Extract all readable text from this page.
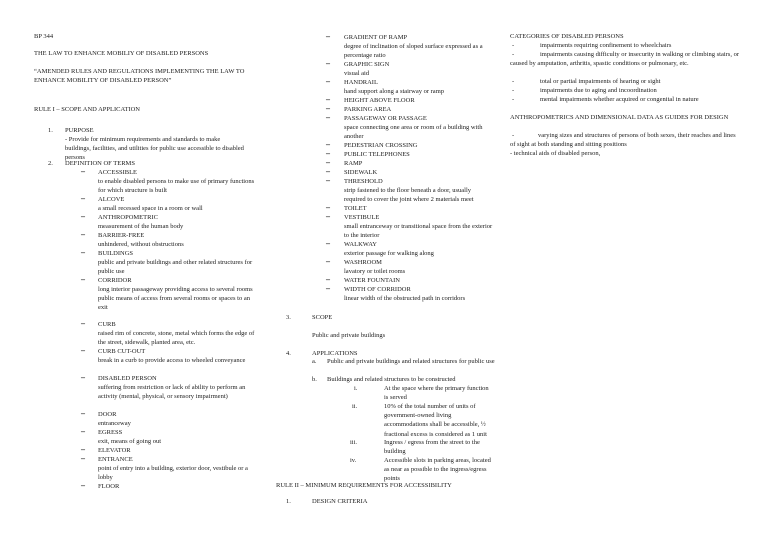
BP 344
THE LAW TO ENHANCE MOBILIY OF DISABLED PERSONS
“AMENDED RULES AND REGULATIONS IMPLEMENTING THE LAW TO ENHANCE MOBILITY OF DISABLED PERSON”
RULE I – SCOPE AND APPLICATION
1. PURPOSE
- Provide for minimum requirements and standards to make buildings, facilities, and utilities for public use accessible to disabled persons
2. DEFINITION OF TERMS
– ACCESSIBLE
to enable disabled persons to make use of primary functions for which structure is built
– ALCOVE
a small recessed space in a room or wall
– ANTHROPOMETRIC
measurement of the human body
– BARRIER-FREE
unhindered, without obstructions
– BUILDINGS
public and private buildings and other related structures for public use
– CORRIDOR
long interior passageway providing access to several rooms
public means of access from several rooms or spaces to an exit
– CURB
raised rim of concrete, stone, metal which forms the edge of the street, sidewalk, planted area, etc.
– CURB CUT-OUT
break in a curb to provide access to wheeled conveyance
– DISABLED PERSON
suffering from restriction or lack of ability to perform an activity (mental, physical, or sensory impairment)
– DOOR
entranceway
– EGRESS
exit, means of going out
– ELEVATOR
– ENTRANCE
point of entry into a building, exterior door, vestibule or a lobby
– FLOOR
– GRADIENT OF RAMP
degree of inclination of sloped surface expressed as a percentage ratio
– GRAPHIC SIGN
visual aid
– HANDRAIL
hand support along a stairway or ramp
– HEIGHT ABOVE FLOOR
– PARKING AREA
– PASSAGEWAY OR PASSAGE
space connecting one area or room of a building with another
– PEDESTRIAN CROSSING
– PUBLIC TELEPHONES
– RAMP
– SIDEWALK
– THRESHOLD
strip fastened to the floor beneath a door, usually required to cover the joint where 2 materials meet
– TOILET
– VESTIBULE
small entranceway or transitional space from the exterior to the interior
– WALKWAY
exterior passage for walking along
– WASHROOM
lavatory or toilet rooms
– WATER FOUNTAIN
– WIDTH OF CORRIDOR
linear width of the obstructed path in corridors
3.	SCOPE
Public and private buildings
4.	APPLICATIONS
a. Public and private buildings and related structures for public use
b. Buildings and related structures to be constructed
i.	At the space where the primary function is served
ii.	10% of the total number of units of government-owned living accommodations shall be accessible, ½ fractional excess is considered as 1 unit
iii.	Ingress / egress from the street to the building
iv.	Accessible slots in parking areas, located as near as possible to the ingress/egress points
RULE II – MINIMUM REQUIREMENTS FOR ACCESSIBILITY
1.	DESIGN CRITERIA
CATEGORIES OF DISABLED PERSONS
-	impairments requiring confinement to wheelchairs
-	impairments causing difficulty or insecurity in walking or climbing stairs, or caused by amputation, arthritis, spastic conditions or pulmonary, etc.
-	total or partial impairments of hearing or sight
-	impairments due to aging and incoordination
-	mental impairments whether acquired or congenital in nature
ANTHROPOMETRICS AND DIMENSIONAL DATA AS GUIDES FOR DESIGN
-	varying sizes and structures of persons of both sexes, their reaches and lines of sight at both standing and sitting positions
- technical aids of disabled person,
